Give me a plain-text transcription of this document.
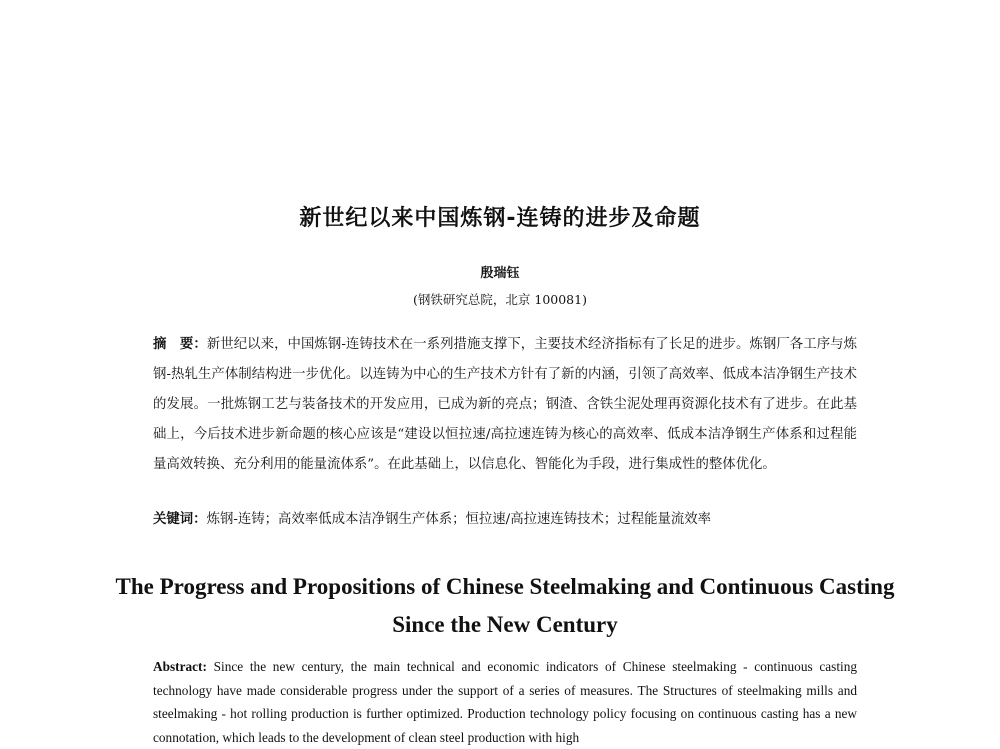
新世纪以来中国炼钢-连铸的进步及命题
殷瑞钰
(钢铁研究总院，北京 100081)
摘　要：新世纪以来，中国炼钢-连铸技术在一系列措施支撑下，主要技术经济指标有了长足的进步。炼钢厂各工序与炼钢-热轧生产体制结构进一步优化。以连铸为中心的生产技术方针有了新的内涵，引领了高效率、低成本洁净钢生产技术的发展。一批炼钢工艺与装备技术的开发应用，已成为新的亮点；钢渣、含铁尘泥处理再资源化技术有了进步。在此基础上，今后技术进步新命题的核心应该是“建设以恒拉速/高拉速连铸为核心的高效率、低成本洁净钢生产体系和过程能量高效转换、充分利用的能量流体系”。在此基础上，以信息化、智能化为手段，进行集成性的整体优化。
关键词：炼钢-连铸；高效率低成本洁净钢生产体系；恒拉速/高拉速连铸技术；过程能量流效率
The Progress and Propositions of Chinese Steelmaking and Continuous Casting Since the New Century
Abstract: Since the new century, the main technical and economic indicators of Chinese steelmaking - continuous casting technology have made considerable progress under the support of a series of measures. The Structures of steelmaking mills and steelmaking - hot rolling production is further optimized. Production technology policy focusing on continuous casting has a new connotation, which leads to the development of clean steel production with high
